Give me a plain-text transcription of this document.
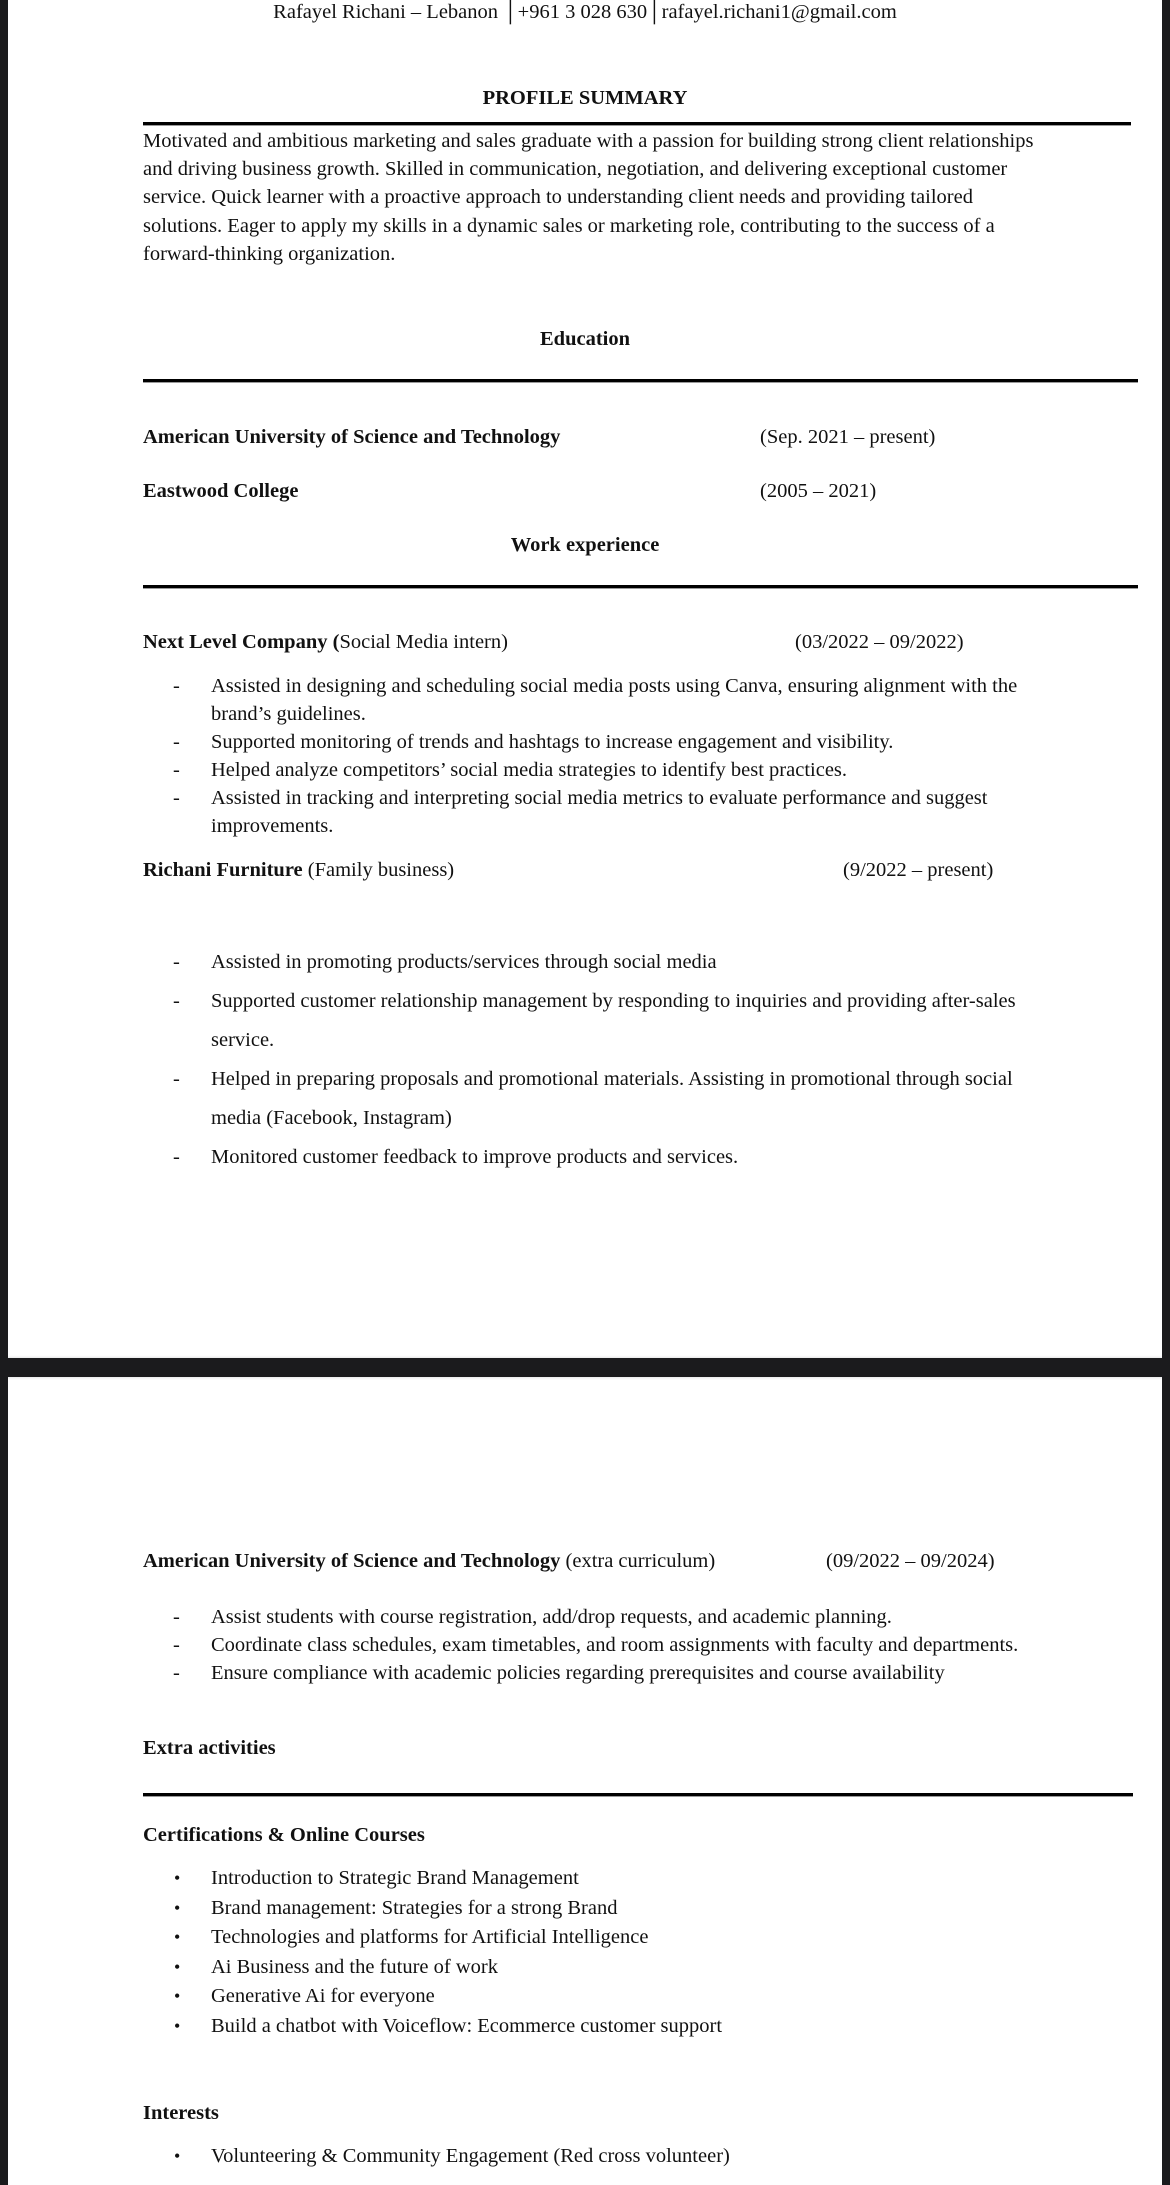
Rafayel Richani – Lebanon │+961 3 028 630│rafayel.richani1@gmail.com
PROFILE SUMMARY
Motivated and ambitious marketing and sales graduate with a passion for building strong client relationships and driving business growth. Skilled in communication, negotiation, and delivering exceptional customer service. Quick learner with a proactive approach to understanding client needs and providing tailored solutions. Eager to apply my skills in a dynamic sales or marketing role, contributing to the success of a forward-thinking organization.
Education
American University of Science and Technology	(Sep. 2021 – present)
Eastwood College	(2005 – 2021)
Work experience
Next Level Company (Social Media intern)	(03/2022 – 09/2022)
- Assisted in designing and scheduling social media posts using Canva, ensuring alignment with the brand’s guidelines.
- Supported monitoring of trends and hashtags to increase engagement and visibility.
- Helped analyze competitors’ social media strategies to identify best practices.
- Assisted in tracking and interpreting social media metrics to evaluate performance and suggest improvements.
Richani Furniture (Family business)	(9/2022 – present)
- Assisted in promoting products/services through social media
- Supported customer relationship management by responding to inquiries and providing after-sales service.
- Helped in preparing proposals and promotional materials. Assisting in promotional through social media (Facebook, Instagram)
- Monitored customer feedback to improve products and services.
American University of Science and Technology (extra curriculum)	(09/2022 – 09/2024)
- Assist students with course registration, add/drop requests, and academic planning.
- Coordinate class schedules, exam timetables, and room assignments with faculty and departments.
- Ensure compliance with academic policies regarding prerequisites and course availability
Extra activities
Certifications & Online Courses
• Introduction to Strategic Brand Management
• Brand management: Strategies for a strong Brand
• Technologies and platforms for Artificial Intelligence
• Ai Business and the future of work
• Generative Ai for everyone
• Build a chatbot with Voiceflow: Ecommerce customer support
Interests
• Volunteering & Community Engagement (Red cross volunteer)
